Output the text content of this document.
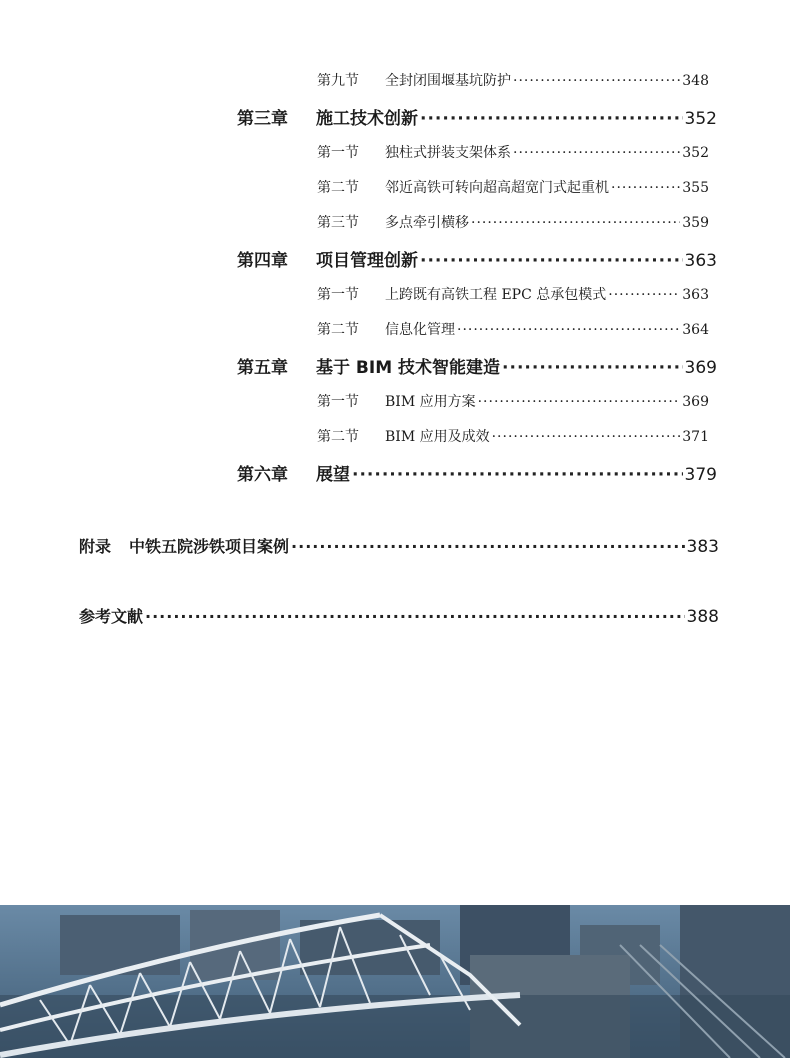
第九节	全封闭围堰基坑防护 ·····	348
第三章	施工技术创新 ·····	352
第一节	独柱式拼装支架体系 ·····	352
第二节	邻近高铁可转向超高超宽门式起重机 ·····	355
第三节	多点牵引横移 ·····	359
第四章	项目管理创新 ·····	363
第一节	上跨既有高铁工程 EPC 总承包模式 ·····	363
第二节	信息化管理 ·····	364
第五章	基于 BIM 技术智能建造 ·····	369
第一节	BIM 应用方案 ·····	369
第二节	BIM 应用及成效 ·····	371
第六章	展望 ·····	379
附录 中铁五院涉铁项目案例 ·····	383
参考文献 ·····	388
